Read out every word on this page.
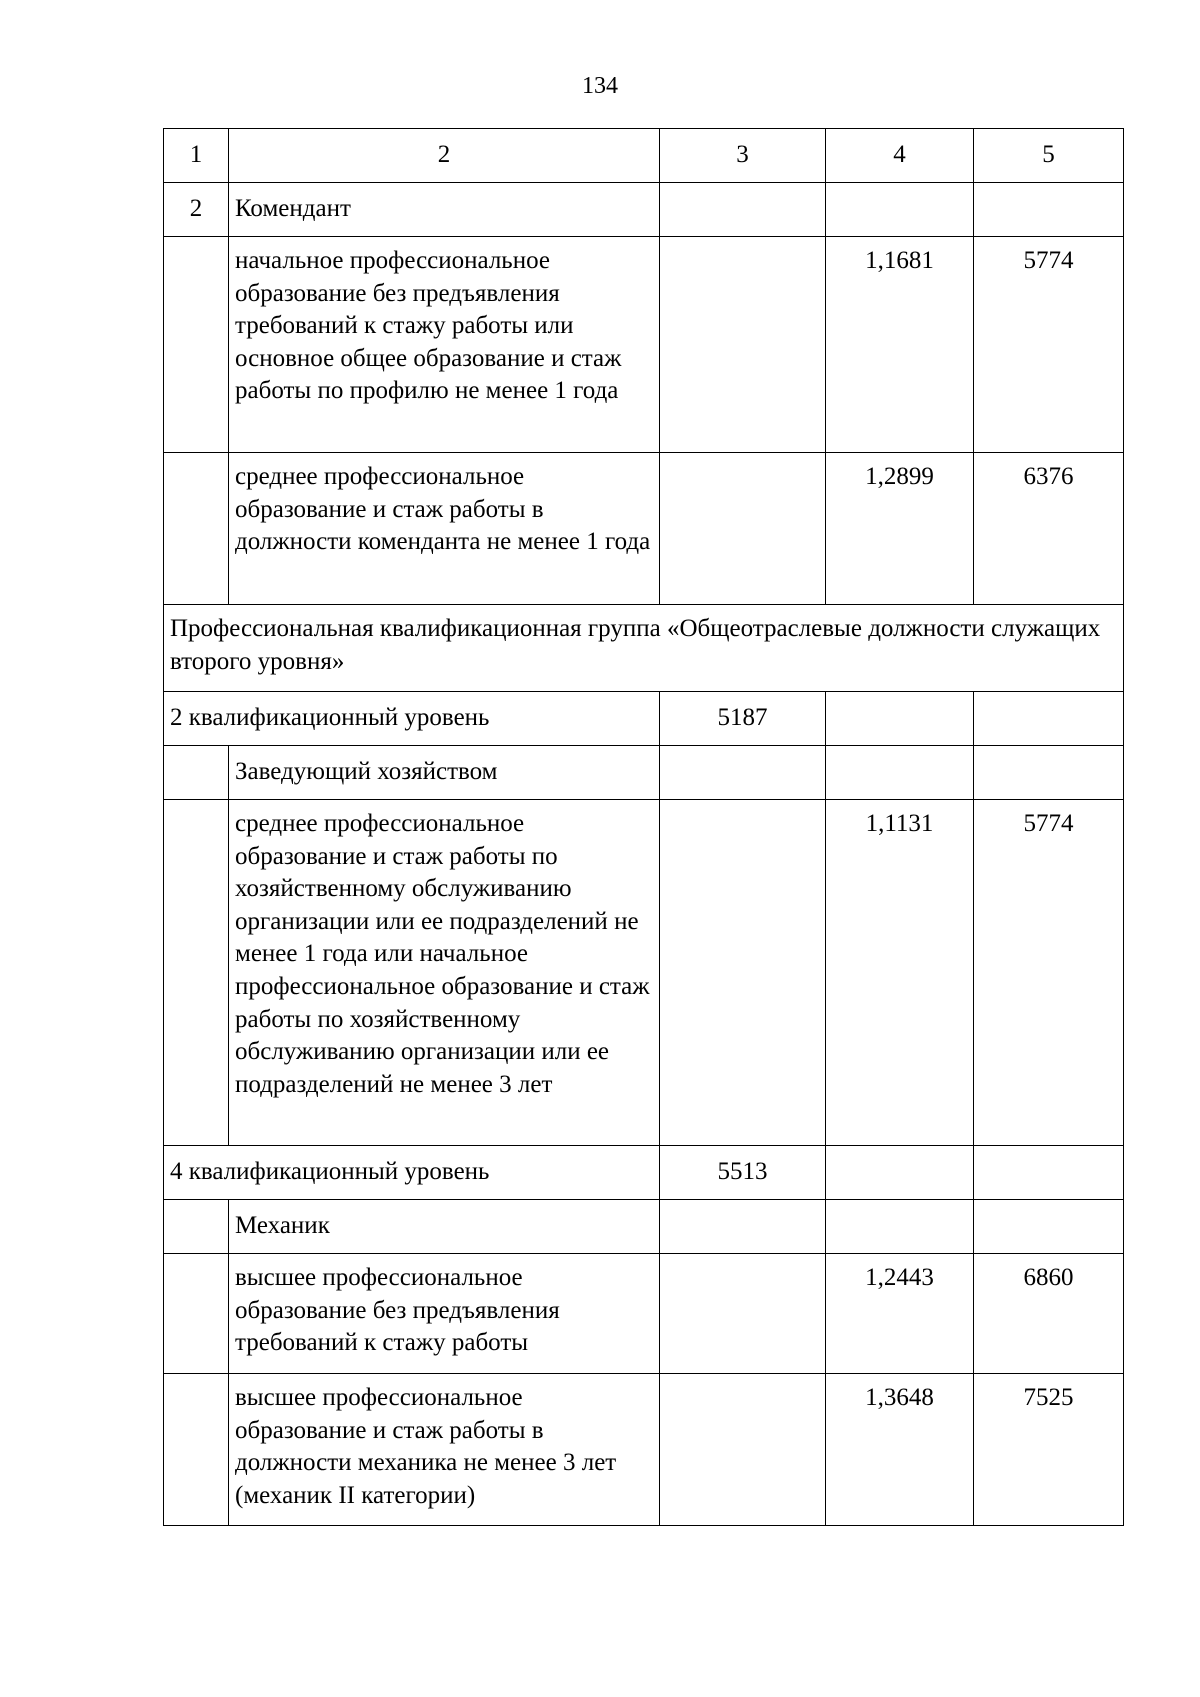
134
1	2	3	4	5
2	Комендант			
	начальное профессиональное образование без предъявления требований к стажу работы или основное общее образование и стаж работы по профилю не менее 1 года		1,1681	5774
	среднее профессиональное образование и стаж работы в должности коменданта не менее 1 года		1,2899	6376
Профессиональная квалификационная группа «Общеотраслевые должности служащих второго уровня»				
2 квалификационный уровень		5187		
	Заведующий хозяйством			
	среднее профессиональное образование и стаж работы по хозяйственному обслуживанию организации или ее подразделений не менее 1 года или начальное профессиональное образование и стаж работы по хозяйственному обслуживанию организации или ее подразделений не менее 3 лет		1,1131	5774
4 квалификационный уровень		5513		
	Механик			
	высшее профессиональное образование без предъявления требований к стажу работы		1,2443	6860
	высшее профессиональное образование и стаж работы в должности механика не менее 3 лет (механик II категории)		1,3648	7525
